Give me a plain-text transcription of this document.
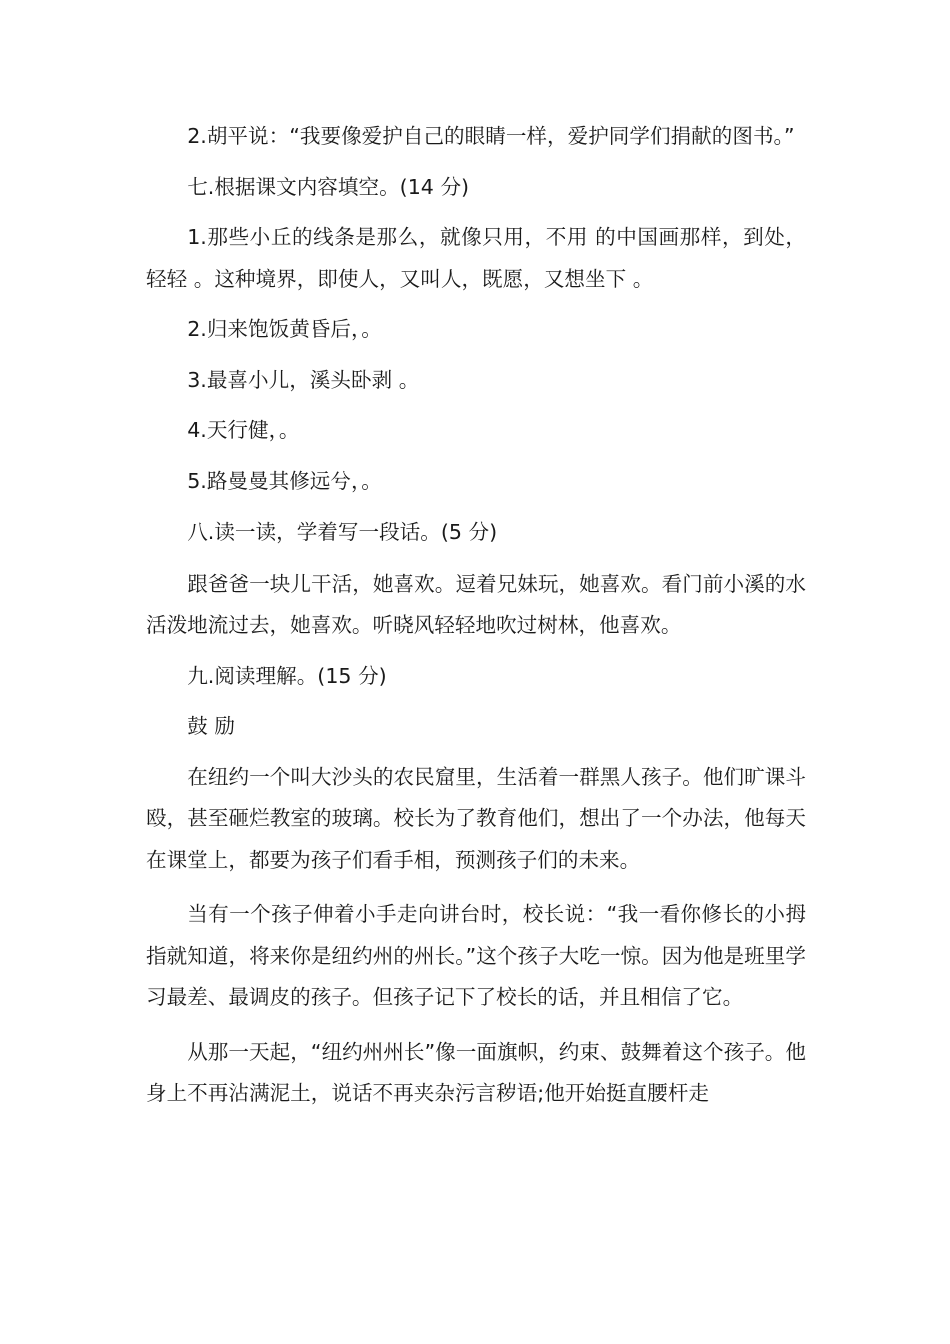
2.胡平说：“我要像爱护自己的眼睛一样，爱护同学们捐献的图书。”

七.根据课文内容填空。(14 分)

1.那些小丘的线条是那么，就像只用，不用 的中国画那样，到处，轻轻 。这种境界，即使人，又叫人，既愿，又想坐下 。

2.归来饱饭黄昏后，。

3.最喜小儿，溪头卧剥 。

4.天行健，。

5.路曼曼其修远兮，。

八.读一读，学着写一段话。(5 分)

跟爸爸一块儿干活，她喜欢。逗着兄妹玩，她喜欢。看门前小溪的水活泼地流过去，她喜欢。听晓风轻轻地吹过树林，他喜欢。

九.阅读理解。(15 分)

鼓 励

在纽约一个叫大沙头的农民窟里，生活着一群黑人孩子。他们旷课斗殴，甚至砸烂教室的玻璃。校长为了教育他们，想出了一个办法，他每天在课堂上，都要为孩子们看手相，预测孩子们的未来。

当有一个孩子伸着小手走向讲台时，校长说：“我一看你修长的小拇指就知道，将来你是纽约州的州长。”这个孩子大吃一惊。因为他是班里学习最差、最调皮的孩子。但孩子记下了校长的话，并且相信了它。

从那一天起，“纽约州州长”像一面旗帜，约束、鼓舞着这个孩子。他身上不再沾满泥土，说话不再夹杂污言秽语;他开始挺直腰杆走
